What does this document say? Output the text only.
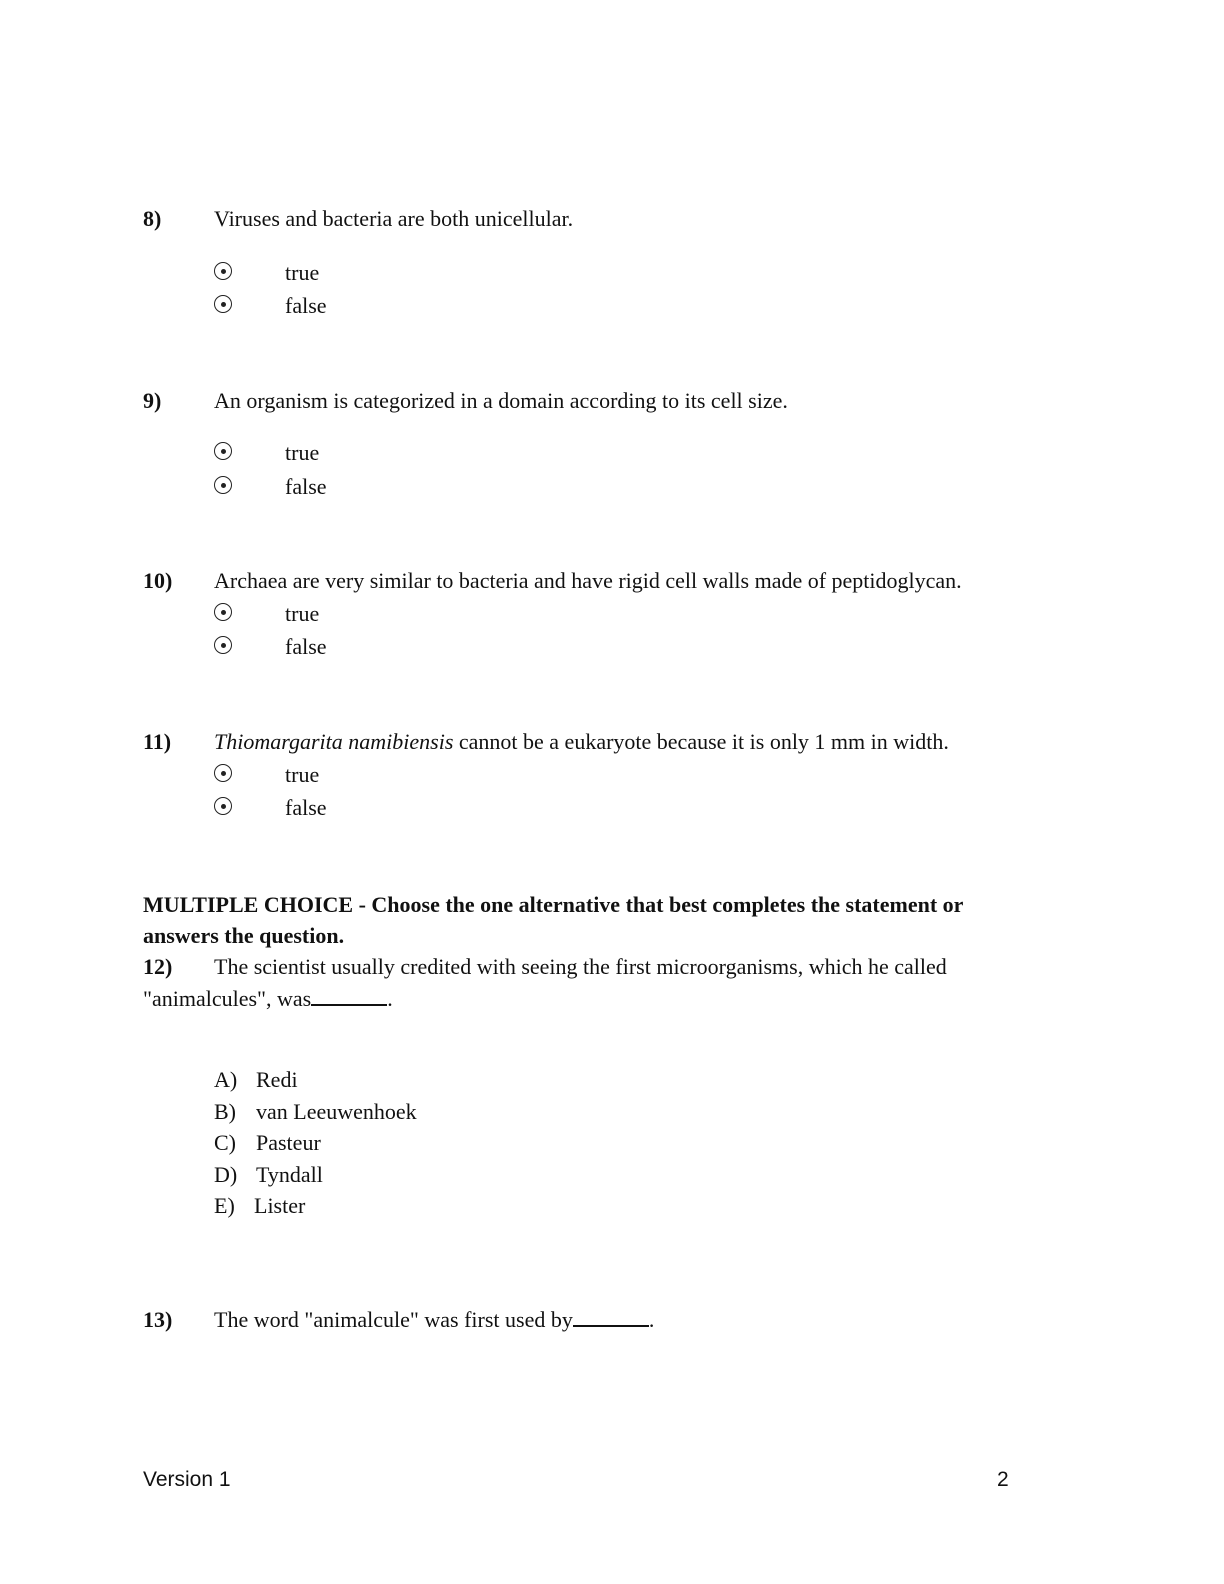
8) Viruses and bacteria are both unicellular.
true
false
9) An organism is categorized in a domain according to its cell size.
true
false
10) Archaea are very similar to bacteria and have rigid cell walls made of peptidoglycan.
true
false
11) Thiomargarita namibiensis cannot be a eukaryote because it is only 1 mm in width.
true
false
MULTIPLE CHOICE - Choose the one alternative that best completes the statement or answers the question.
12) The scientist usually credited with seeing the first microorganisms, which he called
"animalcules", was	.
A) Redi
B) van Leeuwenhoek
C) Pasteur
D) Tyndall
E) Lister
13) The word "animalcule" was first used by	.
Version 1	2
